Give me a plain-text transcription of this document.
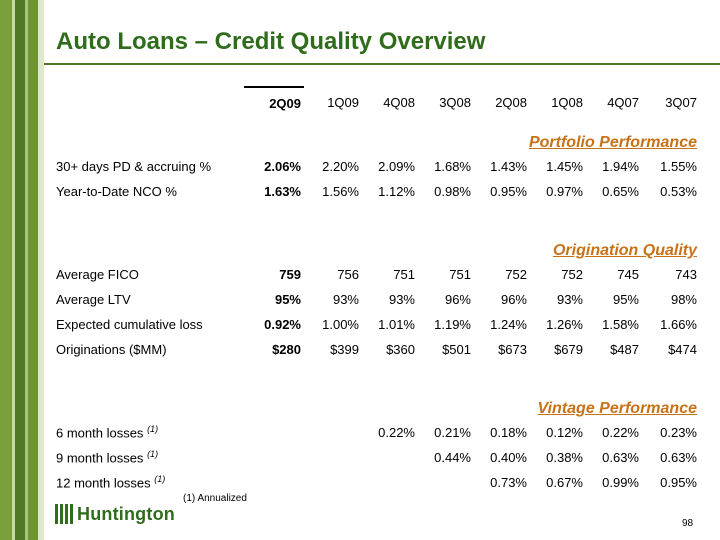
Auto Loans – Credit Quality Overview
	2Q09	1Q09	4Q08	3Q08	2Q08	1Q08	4Q07	3Q07
Portfolio Performance								
30+ days PD & accruing %	2.06%	2.20%	2.09%	1.68%	1.43%	1.45%	1.94%	1.55%
Year-to-Date NCO %	1.63%	1.56%	1.12%	0.98%	0.95%	0.97%	0.65%	0.53%

Origination Quality								
Average FICO	759	756	751	751	752	752	745	743
Average LTV	95%	93%	93%	96%	96%	93%	95%	98%
Expected cumulative loss	0.92%	1.00%	1.01%	1.19%	1.24%	1.26%	1.58%	1.66%
Originations ($MM)	$280	$399	$360	$501	$673	$679	$487	$474

Vintage Performance								
6 month losses $^{(1)}$			0.22%	0.21%	0.18%	0.12%	0.22%	0.23%
9 month losses $^{(1)}$				0.44%	0.40%	0.38%	0.63%	0.63%
12 month losses $^{(1)}$					0.73%	0.67%	0.99%	0.95%
(1) Annualized
Huntington	98
